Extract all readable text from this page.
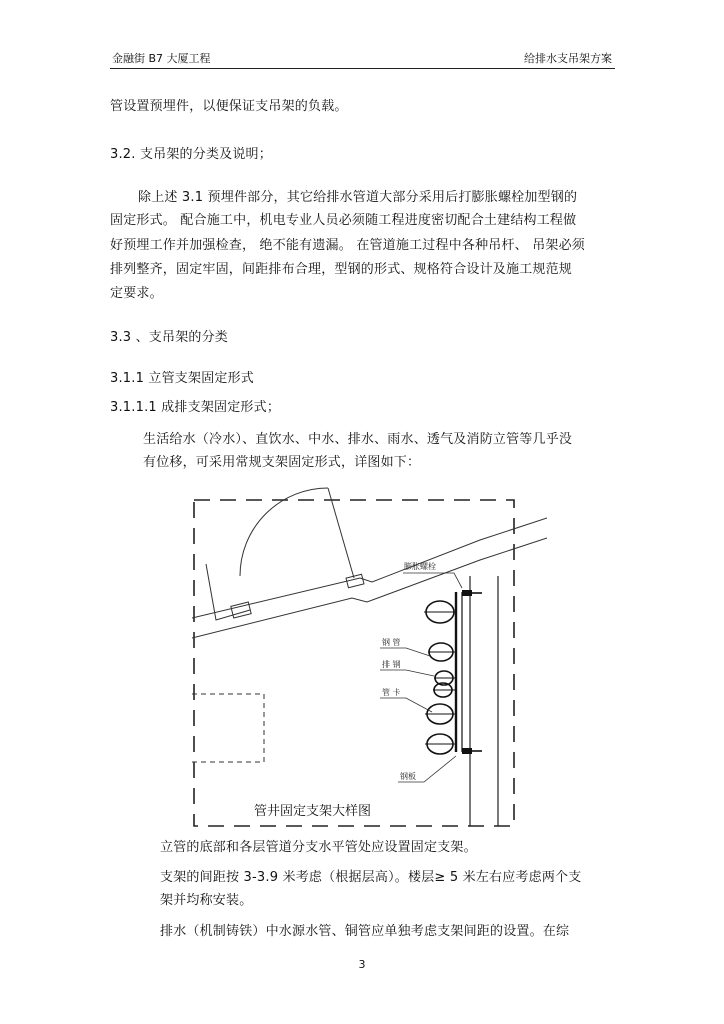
金融街 B7 大厦工程	给排水支吊架方案
管设置预埋件，以便保证支吊架的负载。
3.2. 支吊架的分类及说明；
除上述 3.1 预埋件部分，其它给排水管道大部分采用后打膨胀螺栓加型钢的
固定形式。 配合施工中，机电专业人员必须随工程进度密切配合土建结构工程做
好预埋工作并加强检查， 绝不能有遗漏。 在管道施工过程中各种吊杆、 吊架必须
排列整齐，固定牢固，间距排布合理，型钢的形式、规格符合设计及施工规范规
定要求。
3.3 、支吊架的分类
3.1.1 立管支架固定形式
3.1.1.1 成排支架固定形式；
生活给水（冷水）、直饮水、中水、排水、雨水、透气及消防立管等几乎没
有位移，可采用常规支架固定形式，详图如下：
膨胀螺栓
钢 管
排 钢
管 卡
钢板
管井固定支架大样图
立管的底部和各层管道分支水平管处应设置固定支架。
支架的间距按 3-3.9 米考虑（根据层高）。楼层≥ 5 米左右应考虑两个支
架并均称安装。
排水（机制铸铁）中水源水管、铜管应单独考虑支架间距的设置。在综
3
